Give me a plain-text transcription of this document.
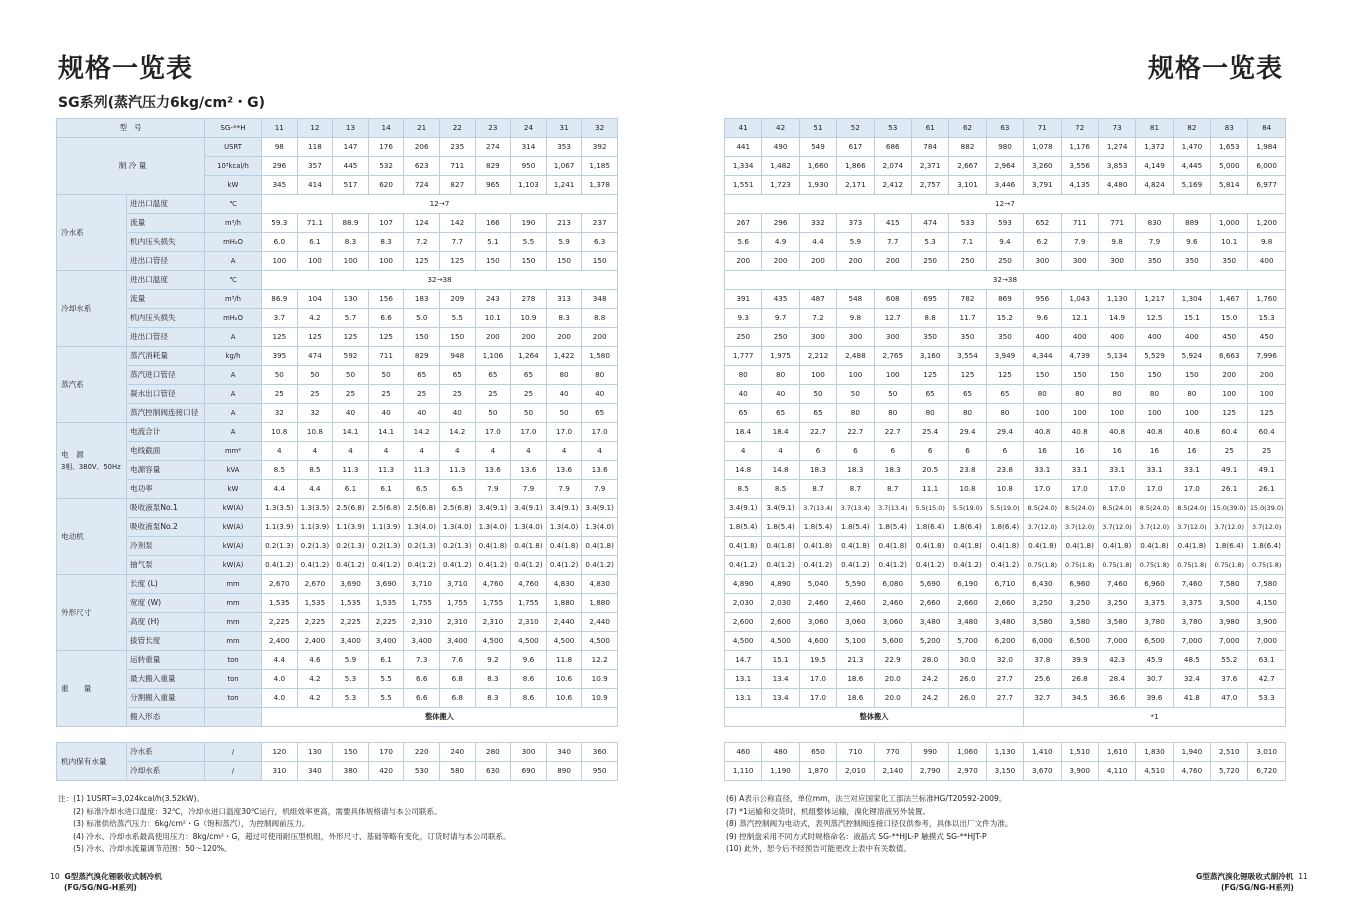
规格一览表	规格一览表
SG系列(蒸汽压力6kg/cm²・G)
型　号		SG-**H	11	12	13	14	21	22	23	24	31	32
制 冷 量		USRT	98	118	147	176	206	235	274	314	353	392
		10³kcal/h	296	357	445	532	623	711	829	950	1,067	1,185
		kW	345	414	517	620	724	827	965	1,103	1,241	1,378

冷水系	进出口温度	℃	12→7									
	流量	m³/h	59.3	71.1	88.9	107	124	142	166	190	213	237
	机内压头损失	mH₂O	6.0	6.1	8.3	8.3	7.2	7.7	5.1	5.5	5.9	6.3
	进出口管径	A	100	100	100	100	125	125	150	150	150	150

冷却水系	进出口温度	℃	32→38									
	流量	m³/h	86.9	104	130	156	183	209	243	278	313	348
	机内压头损失	mH₂O	3.7	4.2	5.7	6.6	5.0	5.5	10.1	10.9	8.3	8.8
	进出口管径	A	125	125	125	125	150	150	200	200	200	200

蒸汽系	蒸汽消耗量	kg/h	395	474	592	711	829	948	1,106	1,264	1,422	1,580
	蒸汽进口管径	A	50	50	50	50	65	65	65	65	80	80
	凝水出口管径	A	25	25	25	25	25	25	25	25	40	40
	蒸汽控制阀连接口径	A	32	32	40	40	40	40	50	50	50	65

电　源
3相、380V、50Hz	电流合计	A	10.8	10.8	14.1	14.1	14.2	14.2	17.0	17.0	17.0	17.0
	电线截面	mm²	4	4	4	4	4	4	4	4	4	4
	电源容量	kVA	8.5	8.5	11.3	11.3	11.3	11.3	13.6	13.6	13.6	13.6
	电功率	kW	4.4	4.4	6.1	6.1	6.5	6.5	7.9	7.9	7.9	7.9

电动机	吸收液泵No.1	kW(A)	1.3(3.5)	1.3(3.5)	2.5(6.8)	2.5(6.8)	2.5(6.8)	2.5(6.8)	3.4(9.1)	3.4(9.1)	3.4(9.1)	3.4(9.1)
	吸收液泵No.2	kW(A)	1.1(3.9)	1.1(3.9)	1.1(3.9)	1.1(3.9)	1.3(4.0)	1.3(4.0)	1.3(4.0)	1.3(4.0)	1.3(4.0)	1.3(4.0)
	冷剂泵	kW(A)	0.2(1.3)	0.2(1.3)	0.2(1.3)	0.2(1.3)	0.2(1.3)	0.2(1.3)	0.4(1.8)	0.4(1.8)	0.4(1.8)	0.4(1.8)
	抽气泵	kW(A)	0.4(1.2)	0.4(1.2)	0.4(1.2)	0.4(1.2)	0.4(1.2)	0.4(1.2)	0.4(1.2)	0.4(1.2)	0.4(1.2)	0.4(1.2)

外形尺寸	长度 (L)	mm	2,670	2,670	3,690	3,690	3,710	3,710	4,760	4,760	4,830	4,830
	宽度 (W)	mm	1,535	1,535	1,535	1,535	1,755	1,755	1,755	1,755	1,880	1,880
	高度 (H)	mm	2,225	2,225	2,225	2,225	2,310	2,310	2,310	2,310	2,440	2,440
	拔管长度	mm	2,400	2,400	3,400	3,400	3,400	3,400	4,500	4,500	4,500	4,500

重　　量	运转重量	ton	4.4	4.6	5.9	6.1	7.3	7.6	9.2	9.6	11.8	12.2
	最大搬入重量	ton	4.0	4.2	5.3	5.5	6.6	6.8	8.3	8.6	10.6	10.9
	分割搬入重量	ton	4.0	4.2	5.3	5.5	6.6	6.8	8.3	8.6	10.6	10.9
	搬入形态		整体搬入									
机内保有水量	冷水系	/	120	130	150	170	220	240	280	300	340	360
	冷却水系	/	310	340	380	420	530	580	630	690	890	950
41	42	51	52	53	61	62	63	71	72	73	81	82	83	84
441	490	549	617	686	784	882	980	1,078	1,176	1,274	1,372	1,470	1,653	1,984
1,334	1,482	1,660	1,866	2,074	2,371	2,667	2,964	3,260	3,556	3,853	4,149	4,445	5,000	6,000
1,551	1,723	1,930	2,171	2,412	2,757	3,101	3,446	3,791	4,135	4,480	4,824	5,169	5,814	6,977
12→7														
267	296	332	373	415	474	533	593	652	711	771	830	889	1,000	1,200
5.6	4.9	4.4	5.9	7.7	5.3	7.1	9.4	6.2	7.9	9.8	7.9	9.6	10.1	9.8
200	200	200	200	200	250	250	250	300	300	300	350	350	350	400
32→38														
391	435	487	548	608	695	782	869	956	1,043	1,130	1,217	1,304	1,467	1,760
9.3	9.7	7.2	9.8	12.7	8.8	11.7	15.2	9.6	12.1	14.9	12.5	15.1	15.0	15.3
250	250	300	300	300	350	350	350	400	400	400	400	400	450	450
1,777	1,975	2,212	2,488	2,765	3,160	3,554	3,949	4,344	4,739	5,134	5,529	5,924	6,663	7,996
80	80	100	100	100	125	125	125	150	150	150	150	150	200	200
40	40	50	50	50	65	65	65	80	80	80	80	80	100	100
65	65	65	80	80	80	80	80	100	100	100	100	100	125	125
18.4	18.4	22.7	22.7	22.7	25.4	29.4	29.4	40.8	40.8	40.8	40.8	40.8	60.4	60.4
4	4	6	6	6	6	6	6	16	16	16	16	16	25	25
14.8	14.8	18.3	18.3	18.3	20.5	23.8	23.8	33.1	33.1	33.1	33.1	33.1	49.1	49.1
8.5	8.5	8.7	8.7	8.7	11.1	10.8	10.8	17.0	17.0	17.0	17.0	17.0	26.1	26.1
3.4(9.1)	3.4(9.1)	3.7(13.4)	3.7(13.4)	3.7(13.4)	5.5(15.0)	5.5(19.0)	5.5(19.0)	8.5(24.0)	8.5(24.0)	8.5(24.0)	8.5(24.0)	8.5(24.0)	15.0(39.0)	15.0(39.0)
1.8(5.4)	1.8(5.4)	1.8(5.4)	1.8(5.4)	1.8(5.4)	1.8(6.4)	1.8(6.4)	1.8(6.4)	3.7(12.0)	3.7(12.0)	3.7(12.0)	3.7(12.0)	3.7(12.0)	3.7(12.0)	3.7(12.0)
0.4(1.8)	0.4(1.8)	0.4(1.8)	0.4(1.8)	0.4(1.8)	0.4(1.8)	0.4(1.8)	0.4(1.8)	0.4(1.8)	0.4(1.8)	0.4(1.8)	0.4(1.8)	0.4(1.8)	1.8(6.4)	1.8(6.4)
0.4(1.2)	0.4(1.2)	0.4(1.2)	0.4(1.2)	0.4(1.2)	0.4(1.2)	0.4(1.2)	0.4(1.2)	0.75(1.8)	0.75(1.8)	0.75(1.8)	0.75(1.8)	0.75(1.8)	0.75(1.8)	0.75(1.8)
4,890	4,890	5,040	5,590	6,080	5,690	6,190	6,710	6,430	6,960	7,460	6,960	7,460	7,580	7,580
2,030	2,030	2,460	2,460	2,460	2,660	2,660	2,660	3,250	3,250	3,250	3,375	3,375	3,500	4,150
2,600	2,600	3,060	3,060	3,060	3,480	3,480	3,480	3,580	3,580	3,580	3,780	3,780	3,980	3,900
4,500	4,500	4,600	5,100	5,600	5,200	5,700	6,200	6,000	6,500	7,000	6,500	7,000	7,000	7,000
14.7	15.1	19.5	21.3	22.9	28.0	30.0	32.0	37.8	39.9	42.3	45.9	48.5	55.2	63.1
13.1	13.4	17.0	18.6	20.0	24.2	26.0	27.7	25.6	26.8	28.4	30.7	32.4	37.6	42.7
13.1	13.4	17.0	18.6	20.0	24.2	26.0	27.7	32.7	34.5	36.6	39.6	41.8	47.0	53.3
整体搬入								*1						
460	480	650	710	770	990	1,060	1,130	1,410	1,510	1,610	1,830	1,940	2,510	3,010
1,110	1,190	1,870	2,010	2,140	2,790	2,970	3,150	3,670	3,900	4,110	4,510	4,760	5,720	6,720
注：(1) 1USRT=3,024kcal/h(3.52kW)。
　　(2) 标准冷却水进口温度：32℃，冷却水进口温度30℃运行，机组效率更高，需要具体规格请与本公司联系。
　　(3) 标准供给蒸汽压力：6kg/cm²・G（饱和蒸汽），为控制阀前压力。
　　(4) 冷水、冷却水系最高使用压力：8kg/cm²・G，超过可使用耐压型机组，外形尺寸、基础等略有变化，订货时请与本公司联系。
　　(5) 冷水、冷却水流量调节范围：50～120%。
(6) A表示公称直径，单位mm，法兰对应国家化工部法兰标准HG/T20592-2009。
(7) *1运输和交货时，机组整体运输，溴化锂溶液另外装置。
(8) 蒸汽控制阀为电动式，表列蒸汽控制阀连接口径仅供参考，具体以出厂文件为准。
(9) 控制盘采用不同方式时规格命名：液晶式 SG-**HJL-P 触摸式 SG-**HJT-P
(10) 此外，恕今后不经预告可能更改上表中有关数值。
10 G型蒸汽溴化锂吸收式制冷机
(FG/SG/NG-H系列)
G型蒸汽溴化锂吸收式制冷机 11
(FG/SG/NG-H系列)
